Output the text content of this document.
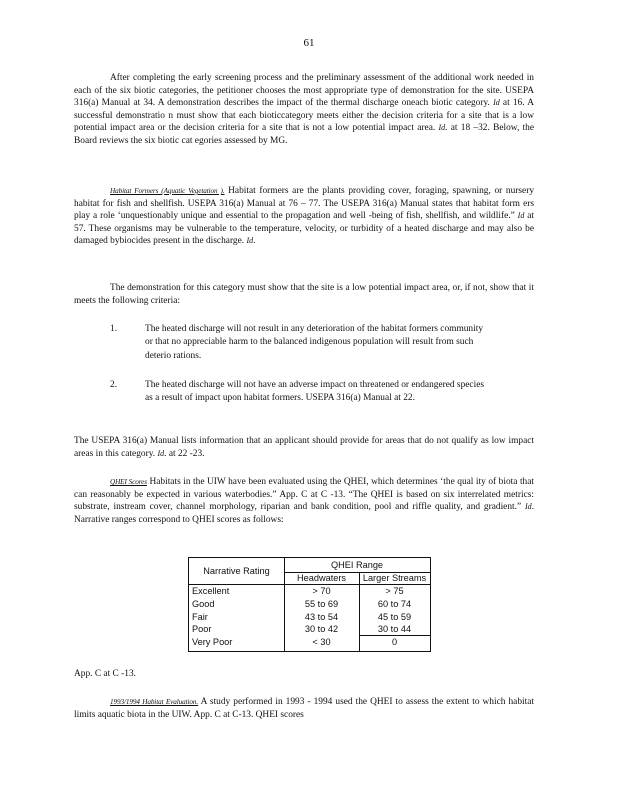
61

After completing the early screening process and the preliminary assessment of the additional work needed in each of the six biotic categories, the petitioner chooses the most appropriate type of demonstration for the site. USEPA 316(a) Manual at 34. A demonstration describes the impact of the thermal discharge oneach biotic category. Id at 16. A successful demonstratio n must show that each bioticcategory meets either the decision criteria for a site that is a low potential impact area or the decision criteria for a site that is not a low potential impact area. Id. at 18 –32. Below, the Board reviews the six biotic cat egories assessed by MG.

Habitat Formers (Aquatic Vegetation ). Habitat formers are the plants providing cover, foraging, spawning, or nursery habitat for fish and shellfish. USEPA 316(a) Manual at 76 – 77. The USEPA 316(a) Manual states that habitat form ers play a role ‘unquestionably unique and essential to the propagation and well -being of fish, shellfish, and wildlife.” Id at 57. These organisms may be vulnerable to the temperature, velocity, or turbidity of a heated discharge and may also be damaged bybiocides present in the discharge. Id.

The demonstration for this category must show that the site is a low potential impact area, or, if not, show that it meets the following criteria:

1.	The heated discharge will not result in any deterioration of the habitat formers community or that no appreciable harm to the balanced indigenous population will result from such deterio rations.
2.	The heated discharge will not have an adverse impact on threatened or endangered species as a result of impact upon habitat formers. USEPA 316(a) Manual at 22.

The USEPA 316(a) Manual lists information that an applicant should provide for areas that do not qualify as low impact areas in this category. Id. at 22 -23.

QHEI Scores Habitats in the UIW have been evaluated using the QHEI, which determines ‘the qual ity of biota that can reasonably be expected in various waterbodies.” App. C at C -13. “The QHEI is based on six interrelated metrics: substrate, instream cover, channel morphology, riparian and bank condition, pool and riffle quality, and gradient.” Id. Narrative ranges correspond to QHEI scores as follows:

Narrative Rating
QHEI Range
Headwaters	Larger Streams
Excellent	> 70	> 75
Good	55 to 69	60 to 74
Fair	43 to 54	45 to 59
Poor	30 to 42	30 to 44
Very Poor	< 30	0

App. C at C -13.

1993/1994 Habitat Evaluation. A study performed in 1993 - 1994 used the QHEI to assess the extent to which habitat limits aquatic biota in the UIW. App. C at C-13. QHEI scores
